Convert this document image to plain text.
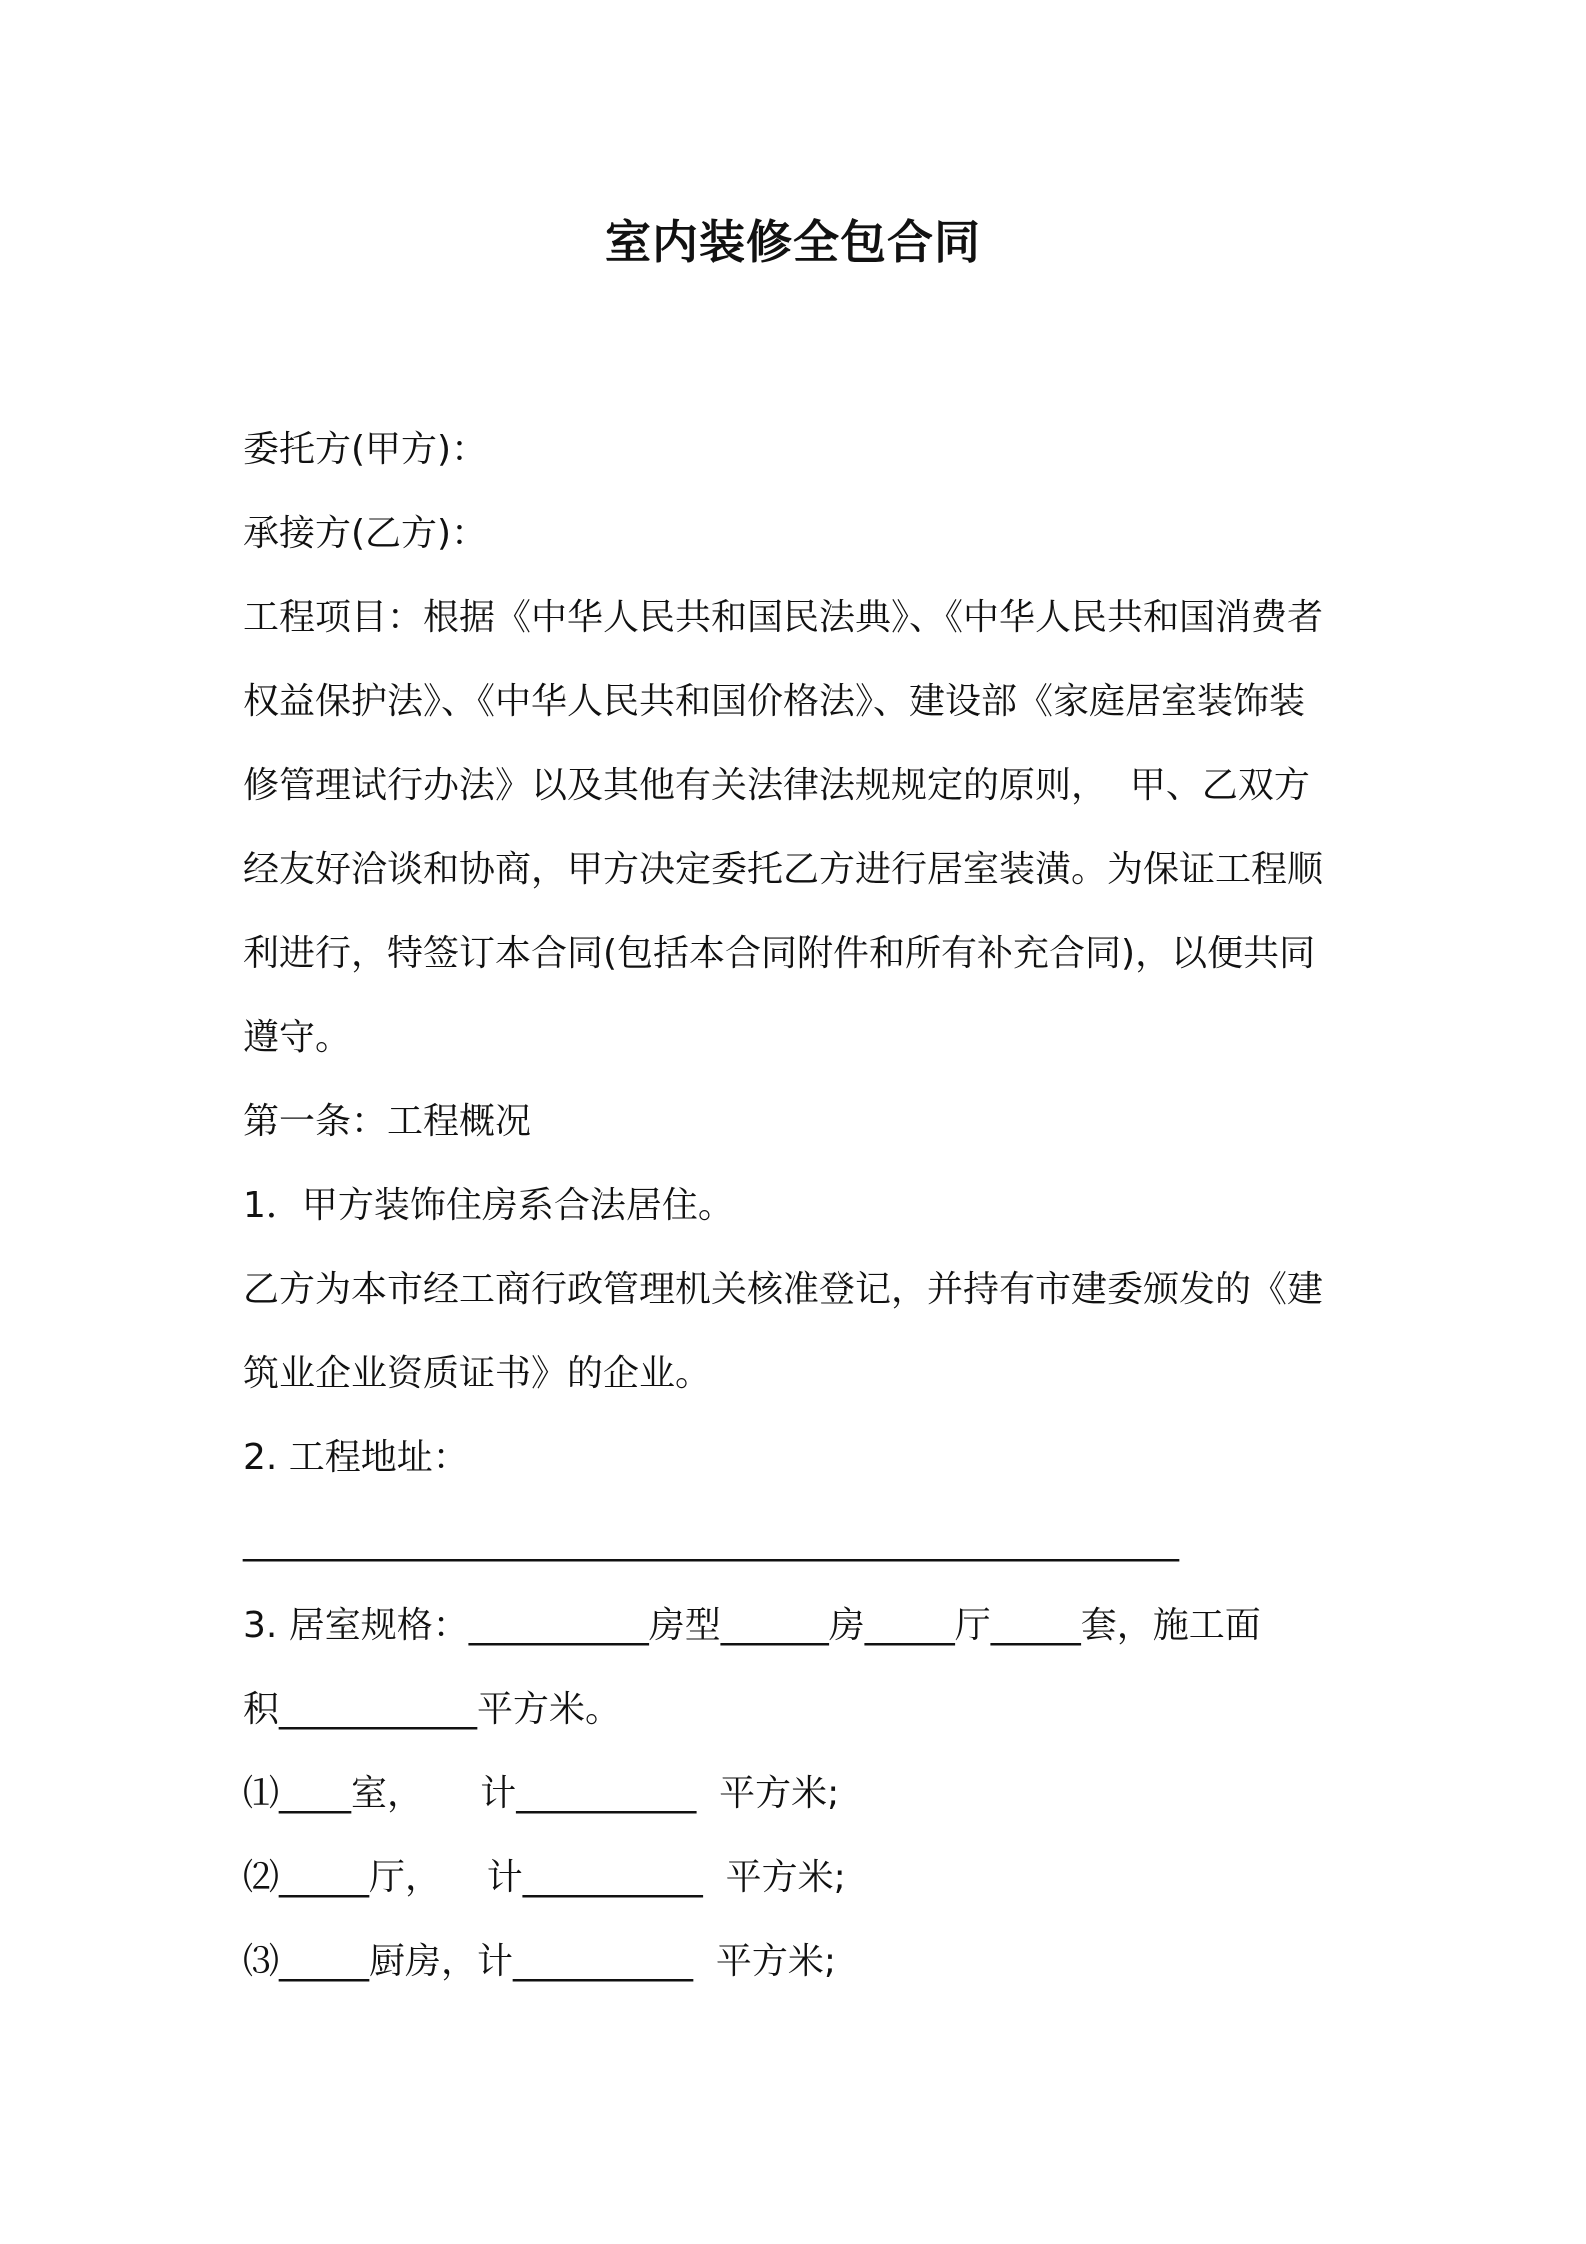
室内装修全包合同
委托方(甲方)：
承接方(乙方)：
工程项目：根据《中华人民共和国民法典》、《中华人民共和国消费者
权益保护法》、《中华人民共和国价格法》、建设部《家庭居室装饰装
修管理试行办法》以及其他有关法律法规规定的原则，  甲、乙双方
经友好洽谈和协商，甲方决定委托乙方进行居室装潢。为保证工程顺
利进行，特签订本合同(包括本合同附件和所有补充合同)，以便共同
遵守。
第一条：工程概况
1．甲方装饰住房系合法居住。
乙方为本市经工商行政管理机关核准登记，并持有市建委颁发的《建
筑业企业资质证书》的企业。
2. 工程地址：
____________________________________________________
3. 居室规格：__________房型______房_____厅_____套，施工面
积___________平方米。
⑴____室，     计__________  平方米;
⑵_____厅，    计__________  平方米;
⑶_____厨房，计__________  平方米;
